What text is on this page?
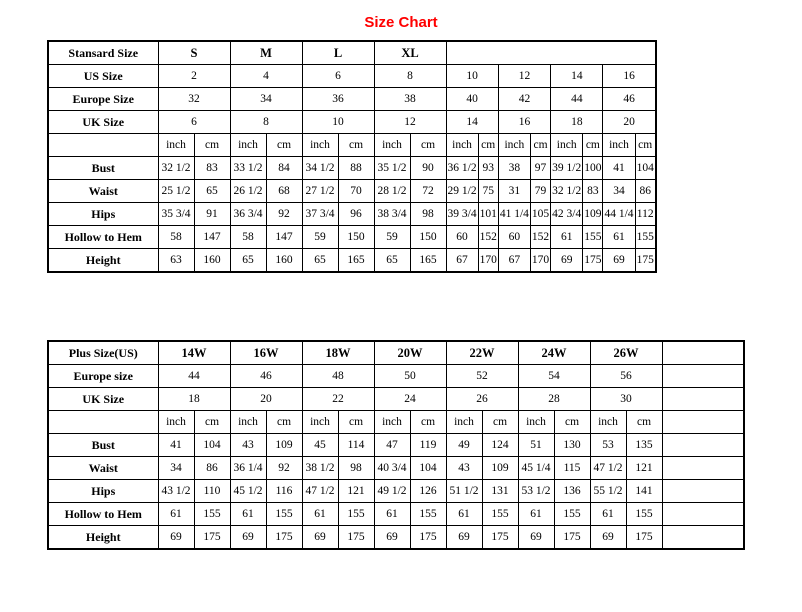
Size Chart
Stansard Size	S		M		L		XL									
US Size	2		4		6		8		10		12		14		16	
Europe Size	32		34		36		38		40		42		44		46	
UK Size	6		8		10		12		14		16		18		20	
	inch	cm	inch	cm	inch	cm	inch	cm	inch	cm	inch	cm	inch	cm	inch	cm
Bust	32 1/2	83	33 1/2	84	34 1/2	88	35 1/2	90	36 1/2	93	38	97	39 1/2	100	41	104
Waist	25 1/2	65	26 1/2	68	27 1/2	70	28 1/2	72	29 1/2	75	31	79	32 1/2	83	34	86
Hips	35 3/4	91	36 3/4	92	37 3/4	96	38 3/4	98	39 3/4	101	41 1/4	105	42 3/4	109	44 1/4	112
Hollow to Hem	58	147	58	147	59	150	59	150	60	152	60	152	61	155	61	155
Height	63	160	65	160	65	165	65	165	67	170	67	170	69	175	69	175
Plus Size(US)	14W		16W		18W		20W		22W		24W		26W		
Europe size	44		46		48		50		52		54		56		
UK Size	18		20		22		24		26		28		30		
	inch	cm	inch	cm	inch	cm	inch	cm	inch	cm	inch	cm	inch	cm	
Bust	41	104	43	109	45	114	47	119	49	124	51	130	53	135	
Waist	34	86	36 1/4	92	38 1/2	98	40 3/4	104	43	109	45 1/4	115	47 1/2	121	
Hips	43 1/2	110	45 1/2	116	47 1/2	121	49 1/2	126	51 1/2	131	53 1/2	136	55 1/2	141	
Hollow to Hem	61	155	61	155	61	155	61	155	61	155	61	155	61	155	
Height	69	175	69	175	69	175	69	175	69	175	69	175	69	175	
